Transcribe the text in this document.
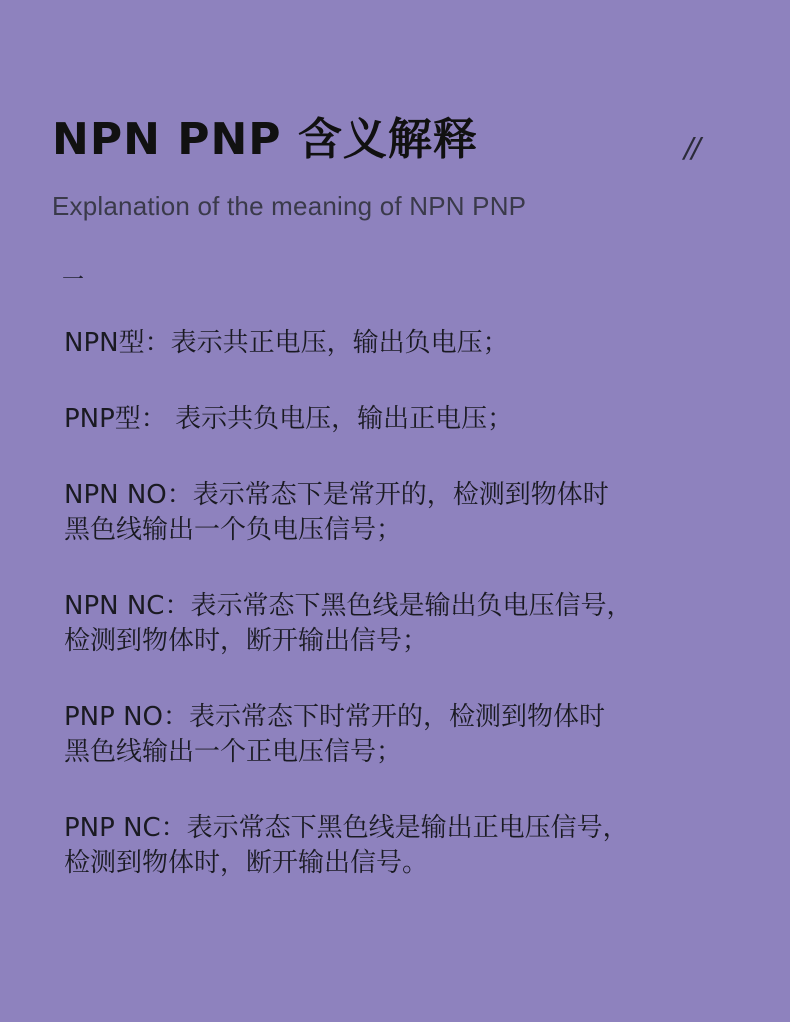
NPN PNP 含义解释	//
Explanation of the meaning of NPN PNP
一

NPN型：表示共正电压，输出负电压；

PNP型： 表示共负电压，输出正电压；

NPN NO：表示常态下是常开的，检测到物体时
黑色线输出一个负电压信号；

NPN NC：表示常态下黑色线是输出负电压信号，
检测到物体时，断开输出信号；

PNP NO：表示常态下时常开的，检测到物体时
黑色线输出一个正电压信号；

PNP NC：表示常态下黑色线是输出正电压信号，
检测到物体时，断开输出信号。
